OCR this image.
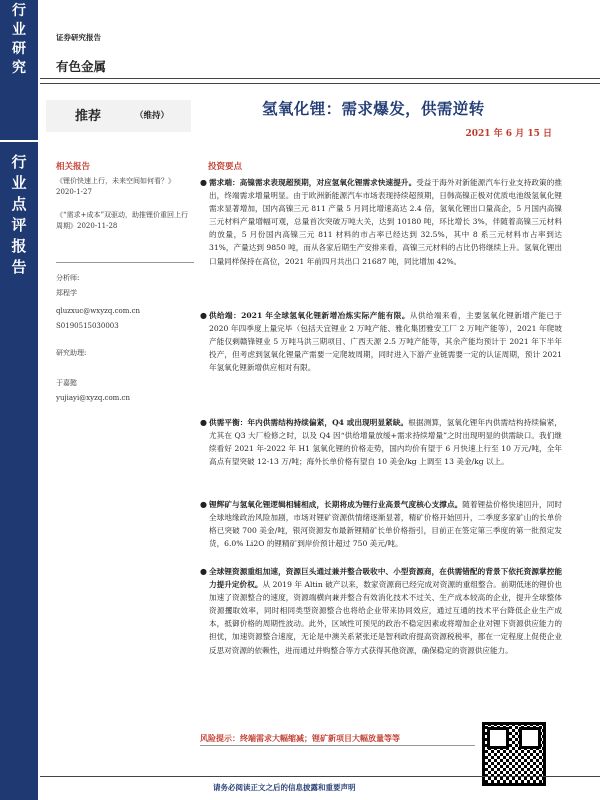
行
业
研
究
行
业
点
评
报
告
证券研究报告
有色金属
推荐	（维持）	氢氧化锂：需求爆发，供需逆转
2021 年 6 月 15 日
相关报告
《锂价快速上行，未来空间如何看？》2020-1-27
《“需求+成本”双驱动，助推锂价重回上行周期》2020-11-28
分析师:
郑程学
qluzxuc@wxyzq.com.cn
S0190515030003
研究助理:
于嘉懿
yujiayi@xyzq.com.cn
投资要点
● 需求端：高镍需求表现超预期，对应氢氧化锂需求快速提升。受益于海外对新能源汽车行业支持政策的推出，终端需求增量明显。由于欧洲新能源汽车市场表现持续超预期，日韩高镍正极对优质电池级氢氧化锂需求显著增加，国内高镍三元 811 产量 5 月同比增速高达 2.4 倍，氢氧化锂出口量高企，5 月国内高镍三元材料产量增幅可观，总量首次突破万吨大关，达到 10180 吨，环比增长 3%，伴随着高镍三元材料的放量，5 月份国内高镍三元 811 材料的市占率已经达到 32.5%，其中 8 系三元材料市占率到达 31%，产量达到 9850 吨，而从各家后期生产安排来看，高镍三元材料的占比仍将继续上升。氢氧化锂出口量同样保持在高位，2021 年前四月共出口 21687 吨，同比增加 42%。
● 供给端：2021 年全球氢氧化锂新增冶炼实际产能有限。从供给端来看，主要氢氧化锂新增产能已于 2020 年四季度上量完毕（包括天宜锂业 2 万吨产能、雅化集团雅安工厂 2 万吨产能等），2021 年爬坡产能仅剩赣锋锂业 5 万吨马洪三期项目、广西天源 2.5 万吨产能等，其余产能均预计于 2021 年下半年投产，但考虑到氢氧化锂量产需要一定爬坡周期，同时进入下游产业链需要一定的认证周期，预计 2021 年氢氧化锂新增供应相对有限。
● 供需平衡：年内供需结构持续偏紧，Q4 或出现明显紧缺。根据测算，氢氧化锂年内供需结构持续偏紧，尤其在 Q3 大厂检修之时，以及 Q4 因“供给增量放缓+需求持续增量”之时出现明显的供需缺口。我们继续看好 2021 年-2022 年 H1 氢氧化锂的价格走势，国内均价有望于 6 月快速上行至 10 万元/吨，全年高点有望突破 12-13 万/吨；海外长单价格有望自 10 美金/kg 上调至 13 美金/kg 以上。
● 锂辉矿与氢氧化锂逻辑相辅相成，长期将成为锂行业高景气度核心支撑点。随着锂盐价格快速回升，同时全球地缘政治风险加剧，市场对锂矿资源供情绪逐渐显著，精矿价格开始回升，二季度多家矿山的长单价格已突破 700 美金/吨，银河资源发布最新锂精矿长单价格指引，目前正在签定第三季度的第一批预定发货，6.0% Li2O 的锂精矿到岸价预计超过 750 美元/吨。
● 全球锂资源重组加速，资源巨头通过兼并整合吸收中、小型资源商，在供需错配的背景下依托资源掌控能力提升定价权。从 2019 年 Altin 破产以来，数家资源商已经完成对资源的重组整合。前期低迷的锂价也加速了资源整合的速度，资源端横向兼并整合有效消化技术不过关、生产成本较高的企业，提升全球整体资源攫取效率，同时相同类型资源整合也将给企业带来协同效应，通过互通的技术平台降低企业生产成本，抵御价格的周期性波动。此外，区域性可预见的政治不稳定因素或将增加企业对锂下资源供应能力的担忧，加速资源整合速度，无论是中澳关系紧张还是智利政府提高资源税税率，都在一定程度上促使企业反思对资源的依赖性，进而通过并购整合等方式获得其他资源，确保稳定的资源供应能力。
风险提示：终端需求大幅缩减；锂矿新项目大幅放量等等
请务必阅读正文之后的信息披露和重要声明
